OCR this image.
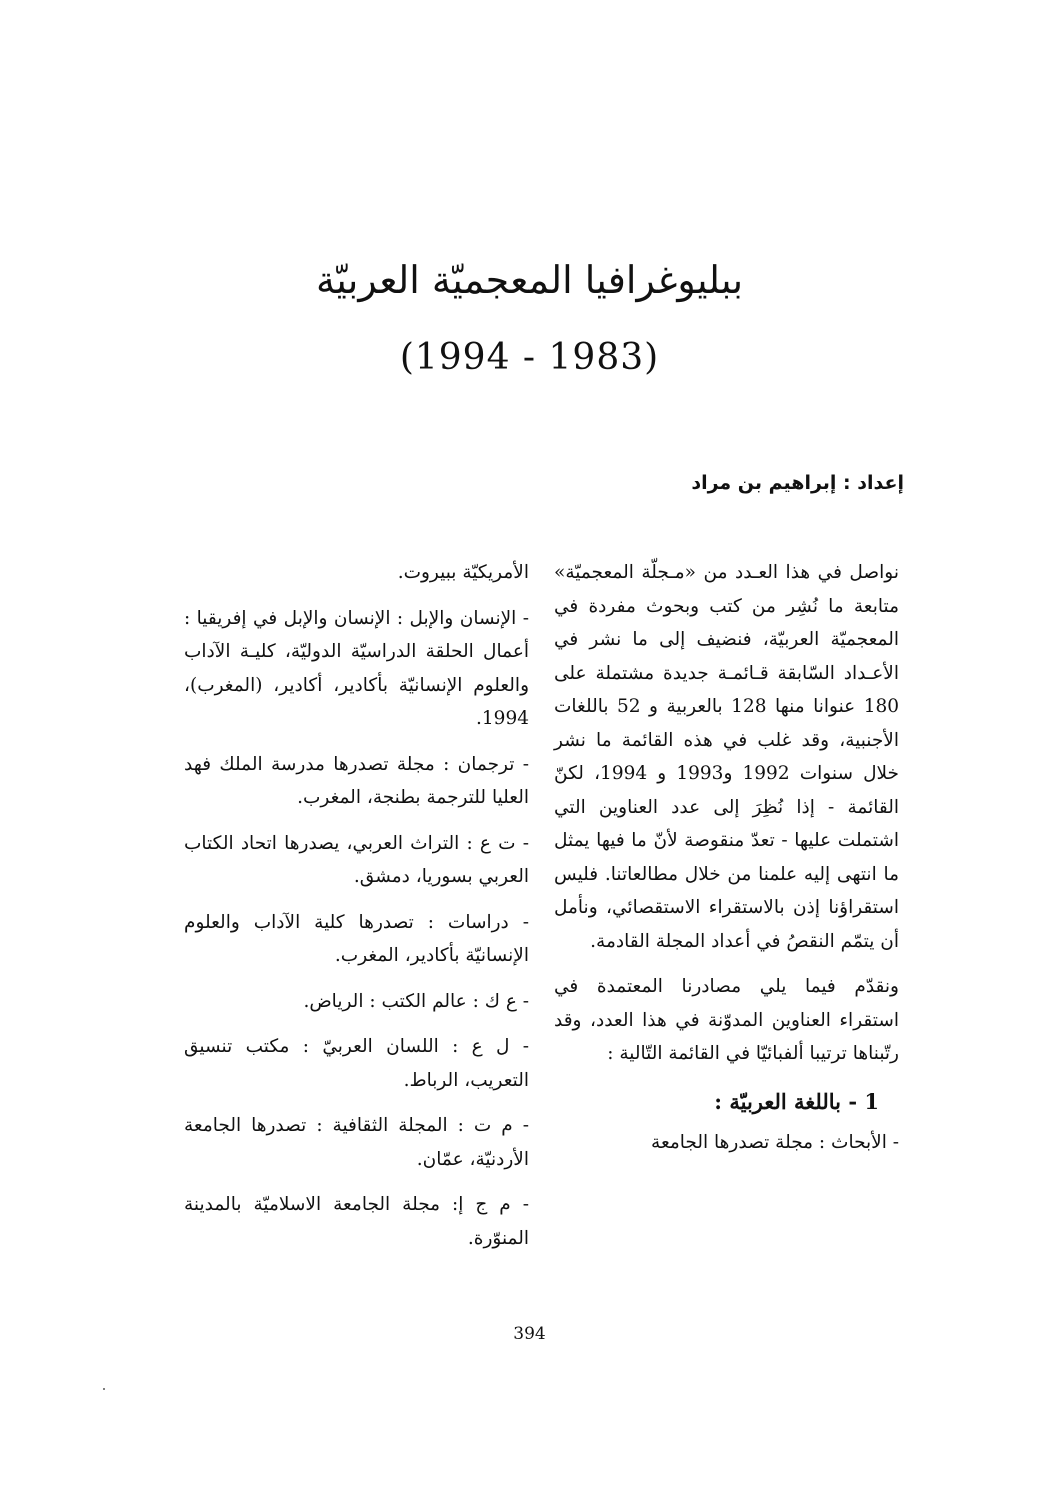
ببليوغرافيا المعجميّة العربيّة
(1994 - 1983)
إعداد : إبراهيم بن مراد

نواصل في هذا العـدد من «مـجلّة المعجميّة» متابعة ما نُشِر من كتب وبحوث مفردة في المعجميّة العربيّة، فنضيف إلى ما نشر في الأعـداد السّابقة قـائمـة جديدة مشتملة على 180 عنوانا منها 128 بالعربية و 52 باللغات الأجنبية، وقد غلب في هذه القائمة ما نشر خلال سنوات 1992 و1993 و 1994، لكنّ القائمة - إذا نُظِرَ إلى عدد العناوين التي اشتملت عليها - تعدّ منقوصة لأنّ ما فيها يمثل ما انتهى إليه علمنا من خلال مطالعاتنا. فليس استقراؤنا إذن بالاستقراء الاستقصائي، ونأمل أن يتمّم النقصُ في أعداد المجلة القادمة.

ونقدّم فيما يلي مصادرنا المعتمدة في استقراء العناوين المدوّنة في هذا العدد، وقد رتّبناها ترتيبا ألفبائيّا في القائمة التّالية :

1 - باللغة العربيّة :

- الأبحاث : مجلة تصدرها الجامعة

الأمريكيّة ببيروت.

- الإنسان والإبل : الإنسان والإبل في إفريقيا : أعمال الحلقة الدراسيّة الدوليّة، كليـة الآداب والعلوم الإنسانيّة بأكادير، أكادير، (المغرب)، 1994.

- ترجمان : مجلة تصدرها مدرسة الملك فهد العليا للترجمة بطنجة، المغرب.

- ت ع : التراث العربي، يصدرها اتحاد الكتاب العربي بسوريا، دمشق.

- دراسات : تصدرها كلية الآداب والعلوم الإنسانيّة بأكادير، المغرب.

- ع ك : عالم الكتب : الرياض.

- ل ع : اللسان العربيّ : مكتب تنسيق التعريب، الرباط.

- م ت : المجلة الثقافية : تصدرها الجامعة الأردنيّة، عمّان.

- م ج إ: مجلة الجامعة الاسلاميّة بالمدينة المنوّرة.

394
